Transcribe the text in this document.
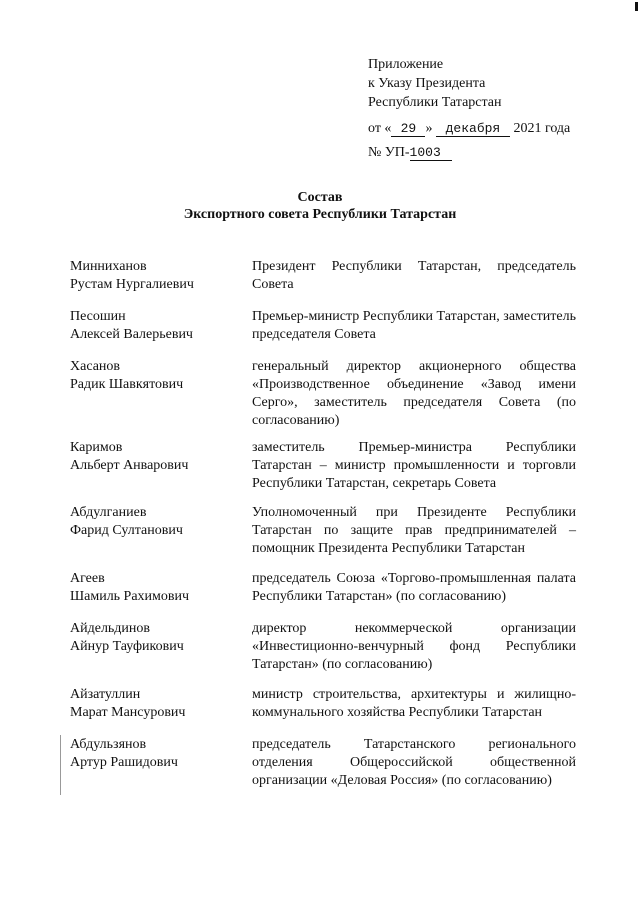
Приложение
к Указу Президента
Республики Татарстан
от « 29 » декабря 2021 года
№ УП-1003
Состав
Экспортного совета Республики Татарстан
Минниханов
Рустам Нургалиевич
Президент Республики Татарстан, председатель Совета
Песошин
Алексей Валерьевич
Премьер-министр Республики Татарстан, заместитель председателя Совета
Хасанов
Радик Шавкятович
генеральный директор акционерного общества «Производственное объединение «Завод имени Серго», заместитель председателя Совета (по согласованию)
Каримов
Альберт Анварович
заместитель Премьер-министра Республики Татарстан – министр промышленности и торговли Республики Татарстан, секретарь Совета
Абдулганиев
Фарид Султанович
Уполномоченный при Президенте Республики Татарстан по защите прав предпринимателей – помощник Президента Республики Татарстан
Агеев
Шамиль Рахимович
председатель Союза «Торгово-промышленная палата Республики Татарстан» (по согласованию)
Айдельдинов
Айнур Тауфикович
директор некоммерческой организации «Инвестиционно-венчурный фонд Республики Татарстан» (по согласованию)
Айзатуллин
Марат Мансурович
министр строительства, архитектуры и жилищно-коммунального хозяйства Республики Татарстан
Абдульзянов
Артур Рашидович
председатель Татарстанского регионального отделения Общероссийской общественной организации «Деловая Россия» (по согласованию)
